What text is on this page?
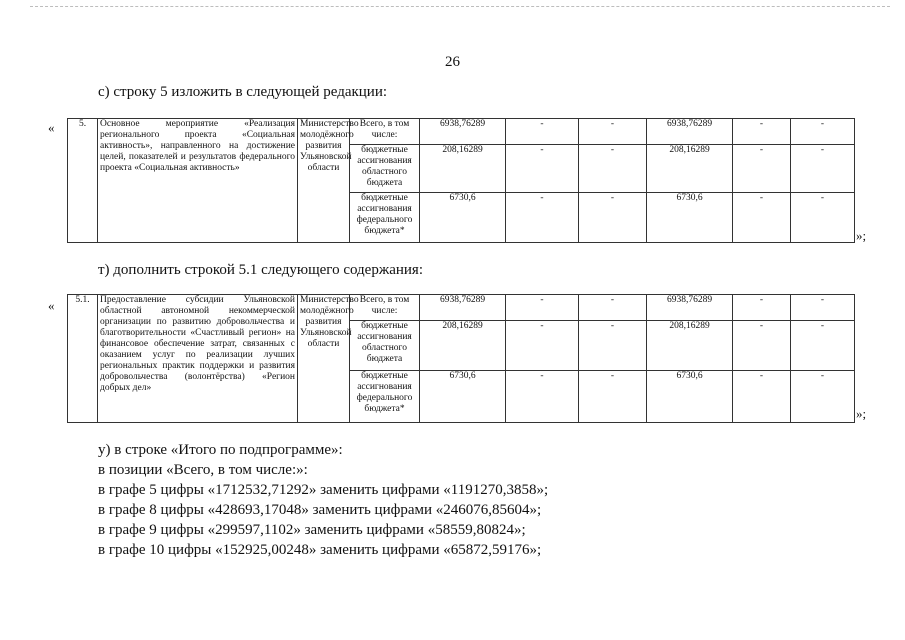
26
с) строку 5 изложить в следующей редакции:
«	5.	Основное мероприятие «Реализация регионального проекта «Социальная активность», направленного на достижение целей, показателей и результатов федерального проекта «Социальная активность»	Министерство молодёжного развития Ульяновской области	Всего, в том числе:	6938,76289	-	-	6938,76289	-	-
			бюджетные ассигнования областного бюджета	208,16289	-	-	208,16289	-	-
			бюджетные ассигнования федерального бюджета*	6730,6	-	-	6730,6	-	-
»;
т) дополнить строкой 5.1 следующего содержания:
« 5.1.	Предоставление субсидии Ульяновской областной автономной некоммерческой организации по развитию добровольчества и благотворительности «Счастливый регион» на финансовое обеспечение затрат, связанных с оказанием услуг по реализации лучших региональных практик поддержки и развития добровольчества (волонтёрства) «Регион добрых дел»	Министерство молодёжного развития Ульяновской области	Всего, в том числе:	6938,76289	-	-	6938,76289	-	-
			бюджетные ассигнования областного бюджета	208,16289	-	-	208,16289	-	-
			бюджетные ассигнования федерального бюджета*	6730,6	-	-	6730,6	-	-
»;
у) в строке «Итого по подпрограмме»:
в позиции «Всего, в том числе:»:
в графе 5 цифры «1712532,71292» заменить цифрами «1191270,3858»;
в графе 8 цифры «428693,17048» заменить цифрами «246076,85604»;
в графе 9 цифры «299597,1102» заменить цифрами «58559,80824»;
в графе 10 цифры «152925,00248» заменить цифрами «65872,59176»;
